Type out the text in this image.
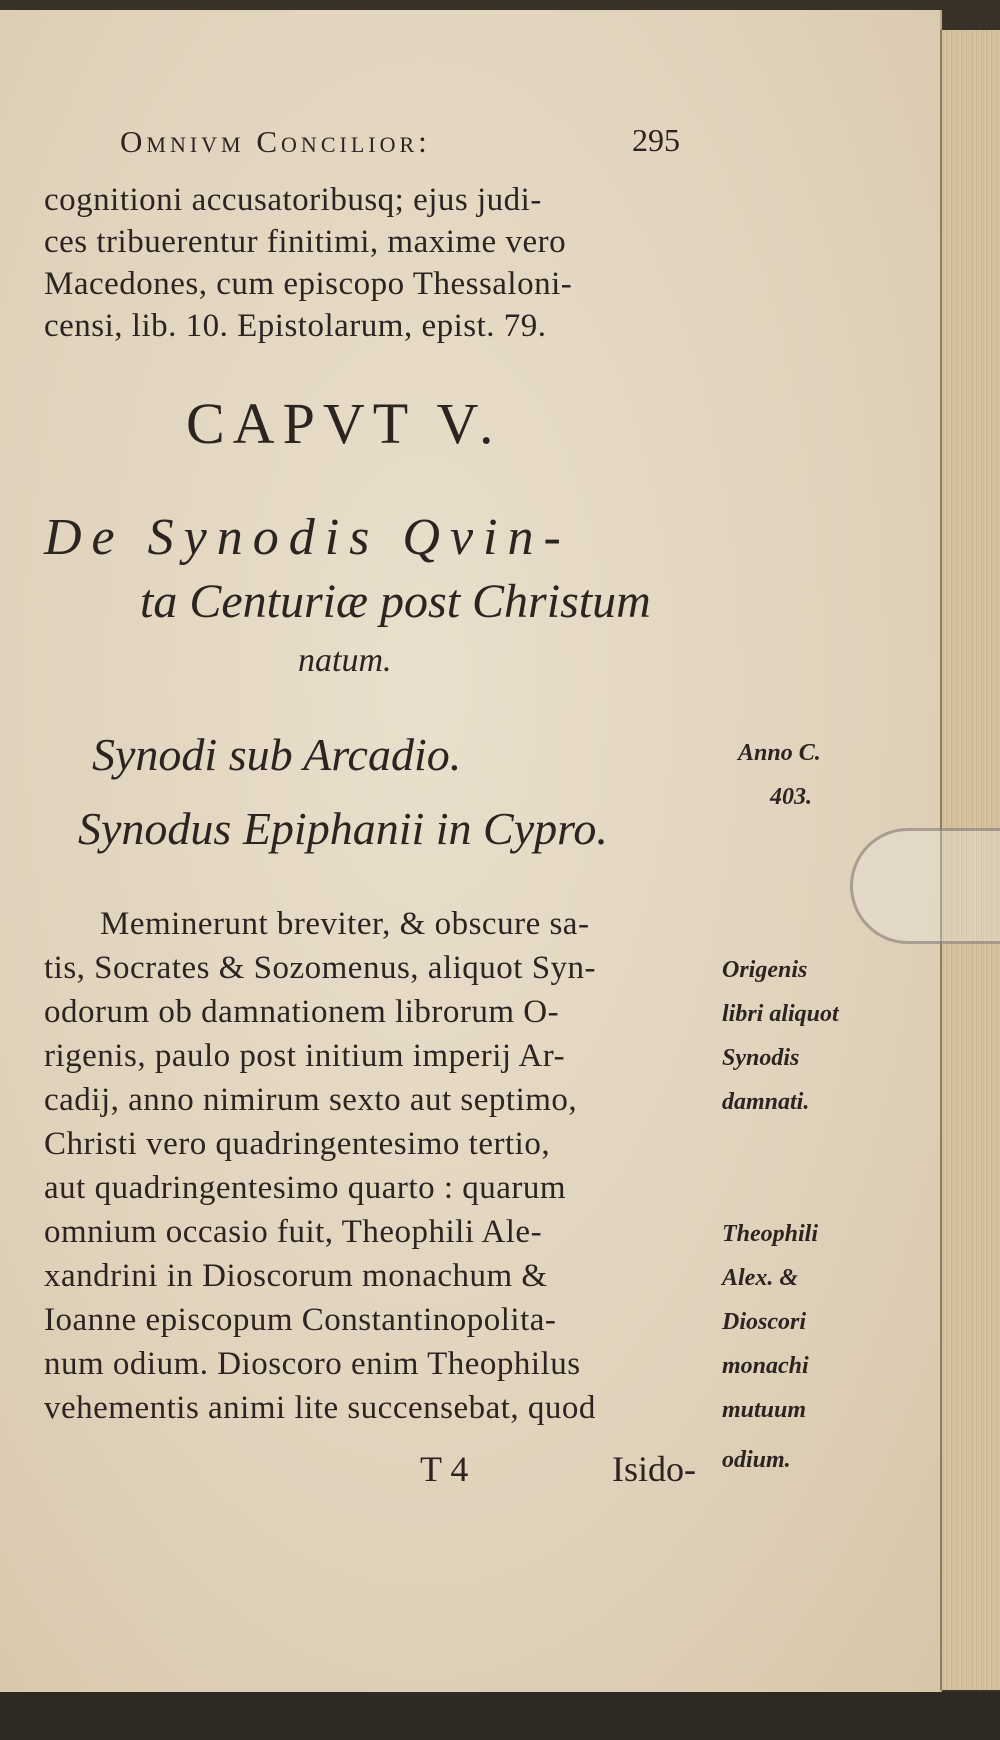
Omnivm Concilior:	295
cognitioni accusatoribusq; ejus judi-
ces tribuerentur finitimi, maxime vero
Macedones, cum episcopo Thessaloni-
censi, lib. 10. Epistolarum, epist. 79.
CAPVT V.
De Synodis Qvin-
ta Centuriæ post Christum
natum.
Synodi sub Arcadio.
Synodus Epiphanii in Cypro.
Anno C.
403.
Meminerunt breviter, & obscure sa-
tis, Socrates & Sozomenus, aliquot Syn-
odorum ob damnationem librorum O-
rigenis, paulo post initium imperij Ar-
cadij, anno nimirum sexto aut septimo,
Christi vero quadringentesimo tertio,
aut quadringentesimo quarto : quarum
omnium occasio fuit, Theophili Ale-
xandrini in Dioscorum monachum &
Ioanne episcopum Constantinopolita-
num odium. Dioscoro enim Theophilus
vehementis animi lite succensebat, quod
Origenis
libri aliquot
Synodis
damnati.
Theophili
Alex. &
Dioscori
monachi
mutuum
odium.
T 4	Isido-
